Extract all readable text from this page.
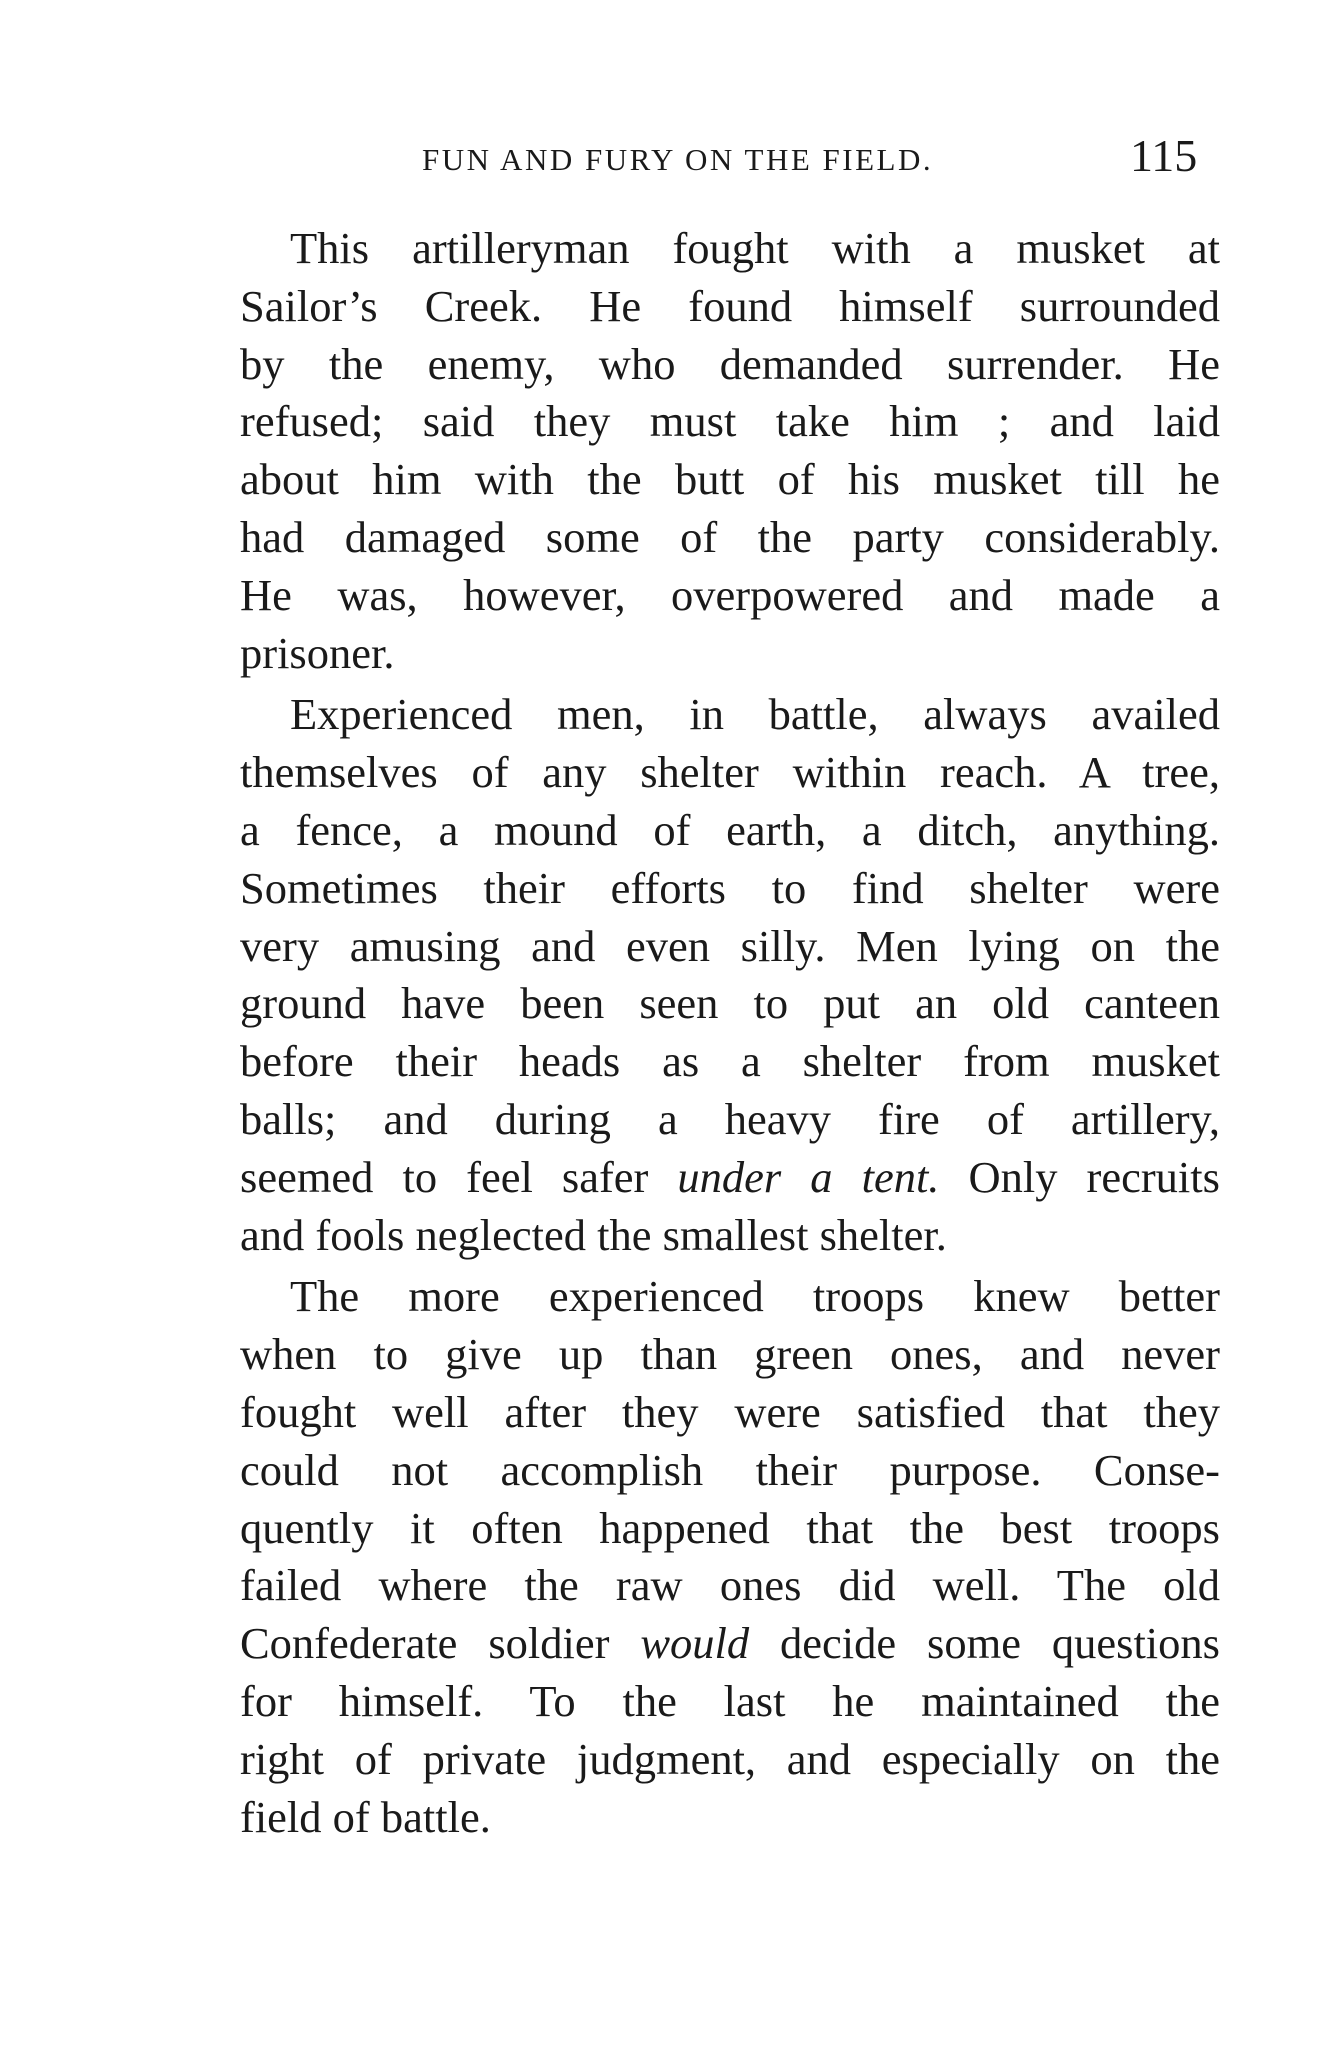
FUN AND FURY ON THE FIELD.	115
This artilleryman fought with a musket at
Sailor’s Creek. He found himself surrounded
by the enemy, who demanded surrender. He
refused; said they must take him ; and laid
about him with the butt of his musket till he
had damaged some of the party considerably.
He was, however, overpowered and made a
prisoner.
Experienced men, in battle, always availed
themselves of any shelter within reach. A tree,
a fence, a mound of earth, a ditch, anything.
Sometimes their efforts to find shelter were
very amusing and even silly. Men lying on the
ground have been seen to put an old canteen
before their heads as a shelter from musket
balls; and during a heavy fire of artillery,
seemed to feel safer under a tent. Only recruits
and fools neglected the smallest shelter.
The more experienced troops knew better
when to give up than green ones, and never
fought well after they were satisfied that they
could not accomplish their purpose. Conse-
quently it often happened that the best troops
failed where the raw ones did well. The old
Confederate soldier would decide some questions
for himself. To the last he maintained the
right of private judgment, and especially on the
field of battle.
